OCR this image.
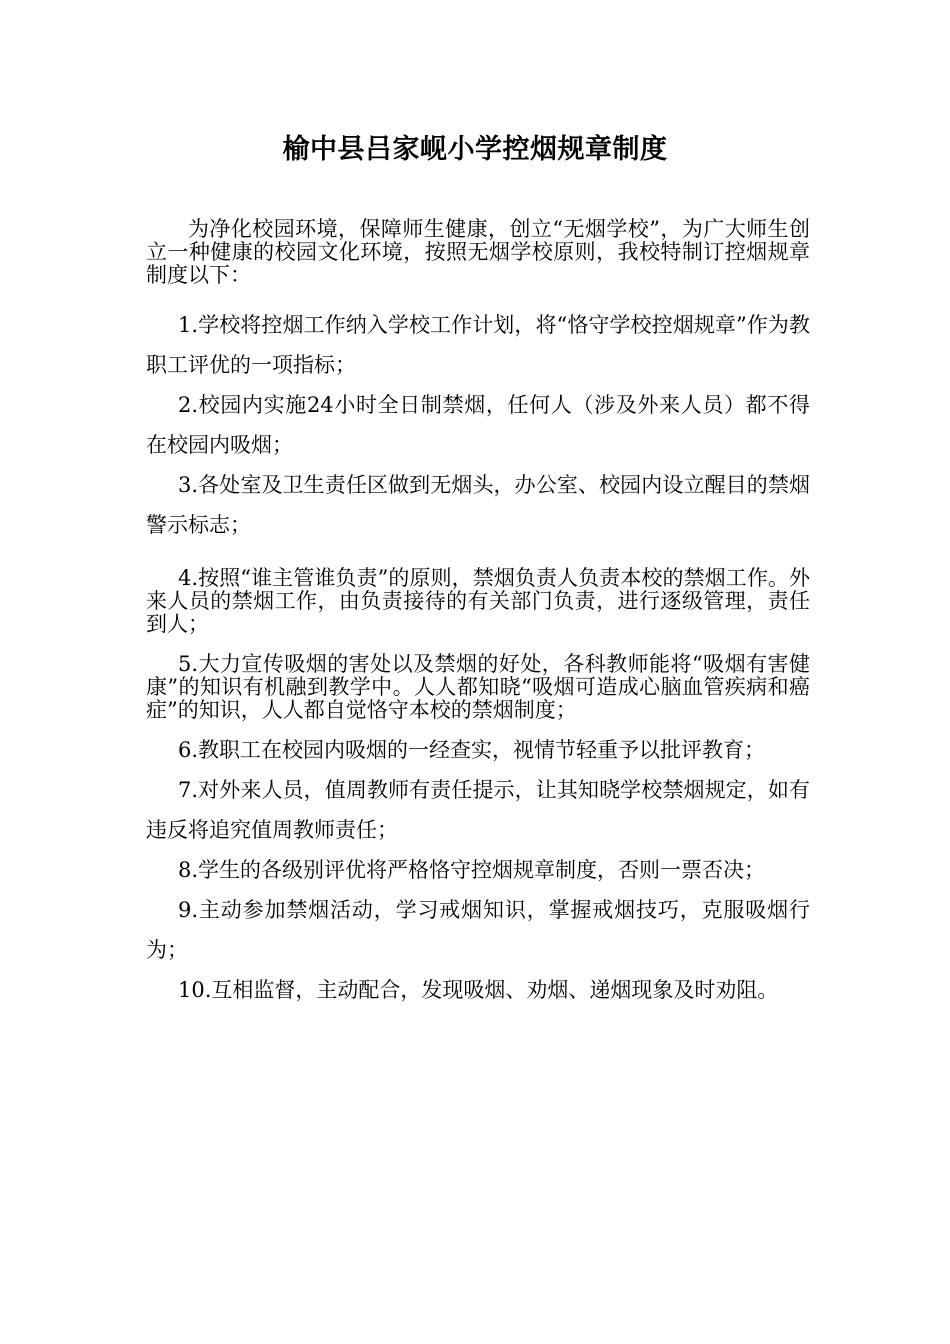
榆中县吕家岘小学控烟规章制度

为净化校园环境，保障师生健康，创立“无烟学校”，为广大师生创立一种健康的校园文化环境，按照无烟学校原则，我校特制订控烟规章制度以下：

1.学校将控烟工作纳入学校工作计划，将“恪守学校控烟规章”作为教职工评优的一项指标；

2.校园内实施24小时全日制禁烟，任何人（涉及外来人员）都不得在校园内吸烟；

3.各处室及卫生责任区做到无烟头，办公室、校园内设立醒目的禁烟警示标志；

4.按照“谁主管谁负责”的原则，禁烟负责人负责本校的禁烟工作。外来人员的禁烟工作，由负责接待的有关部门负责，进行逐级管理，责任到人；

5.大力宣传吸烟的害处以及禁烟的好处，各科教师能将“吸烟有害健康”的知识有机融到教学中。人人都知晓“吸烟可造成心脑血管疾病和癌症”的知识，人人都自觉恪守本校的禁烟制度；

6.教职工在校园内吸烟的一经查实，视情节轻重予以批评教育；

7.对外来人员，值周教师有责任提示，让其知晓学校禁烟规定，如有违反将追究值周教师责任；

8.学生的各级别评优将严格恪守控烟规章制度，否则一票否决；

9.主动参加禁烟活动，学习戒烟知识，掌握戒烟技巧，克服吸烟行为；

10.互相监督，主动配合，发现吸烟、劝烟、递烟现象及时劝阻。
